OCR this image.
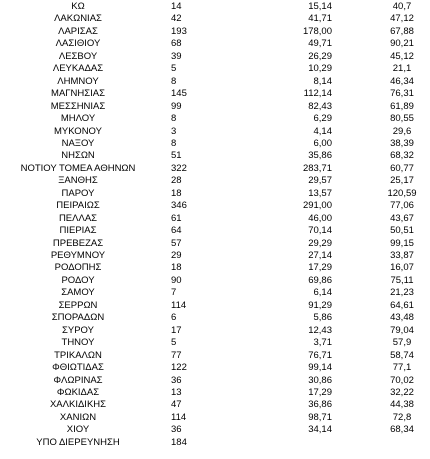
ΚΩ	14	15,14	40,7
ΛΑΚΩΝΙΑΣ	42	41,71	47,12
ΛΑΡΙΣΑΣ	193	178,00	67,88
ΛΑΣΙΘΙΟΥ	68	49,71	90,21
ΛΕΣΒΟΥ	39	26,29	45,12
ΛΕΥΚΑΔΑΣ	5	10,29	21,1
ΛΗΜΝΟΥ	8	8,14	46,34
ΜΑΓΝΗΣΙΑΣ	145	112,14	76,31
ΜΕΣΣΗΝΙΑΣ	99	82,43	61,89
ΜΗΛΟΥ	8	6,29	80,55
ΜΥΚΟΝΟΥ	3	4,14	29,6
ΝΑΞΟΥ	8	6,00	38,39
ΝΗΣΩΝ	51	35,86	68,32
ΝΟΤΙΟΥ ΤΟΜΕΑ ΑΘΗΝΩΝ	322	283,71	60,77
ΞΑΝΘΗΣ	28	29,57	25,17
ΠΑΡΟΥ	18	13,57	120,59
ΠΕΙΡΑΙΩΣ	346	291,00	77,06
ΠΕΛΛΑΣ	61	46,00	43,67
ΠΙΕΡΙΑΣ	64	70,14	50,51
ΠΡΕΒΕΖΑΣ	57	29,29	99,15
ΡΕΘΥΜΝΟΥ	29	27,14	33,87
ΡΟΔΟΠΗΣ	18	17,29	16,07
ΡΟΔΟΥ	90	69,86	75,11
ΣΑΜΟΥ	7	6,14	21,23
ΣΕΡΡΩΝ	114	91,29	64,61
ΣΠΟΡΑΔΩΝ	6	5,86	43,48
ΣΥΡΟΥ	17	12,43	79,04
ΤΗΝΟΥ	5	3,71	57,9
ΤΡΙΚΑΛΩΝ	77	76,71	58,74
ΦΘΙΩΤΙΔΑΣ	122	99,14	77,1
ΦΛΩΡΙΝΑΣ	36	30,86	70,02
ΦΩΚΙΔΑΣ	13	17,29	32,22
ΧΑΛΚΙΔΙΚΗΣ	47	36,86	44,38
ΧΑΝΙΩΝ	114	98,71	72,8
ΧΙΟΥ	36	34,14	68,34
ΥΠΟ ΔΙΕΡΕΥΝΗΣΗ	184
